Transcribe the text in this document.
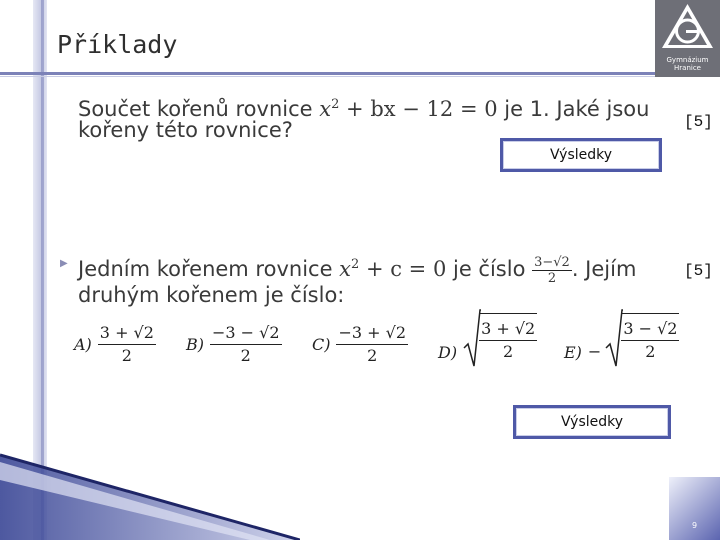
9
Příklady
Gymnázium
Hranice
Součet kořenů rovnice $x^2$ + bx − 12 = 0 je 1. Jaké jsou
kořeny této rovnice?	[5]
Výsledky
▶ Jedním kořenem rovnice $x^2 + c = 0$ je číslo $\frac{3-√2}{2}$ . Jejím
druhým kořenem je číslo:
[5]
$A) \frac{3 + √2}{2} B) \frac{-3 - √2}{2} C) \frac{-3 + √2}{2} D) \frac{3 + √2}{2} E) - \frac{3 - √2}{2}$
Výsledky
